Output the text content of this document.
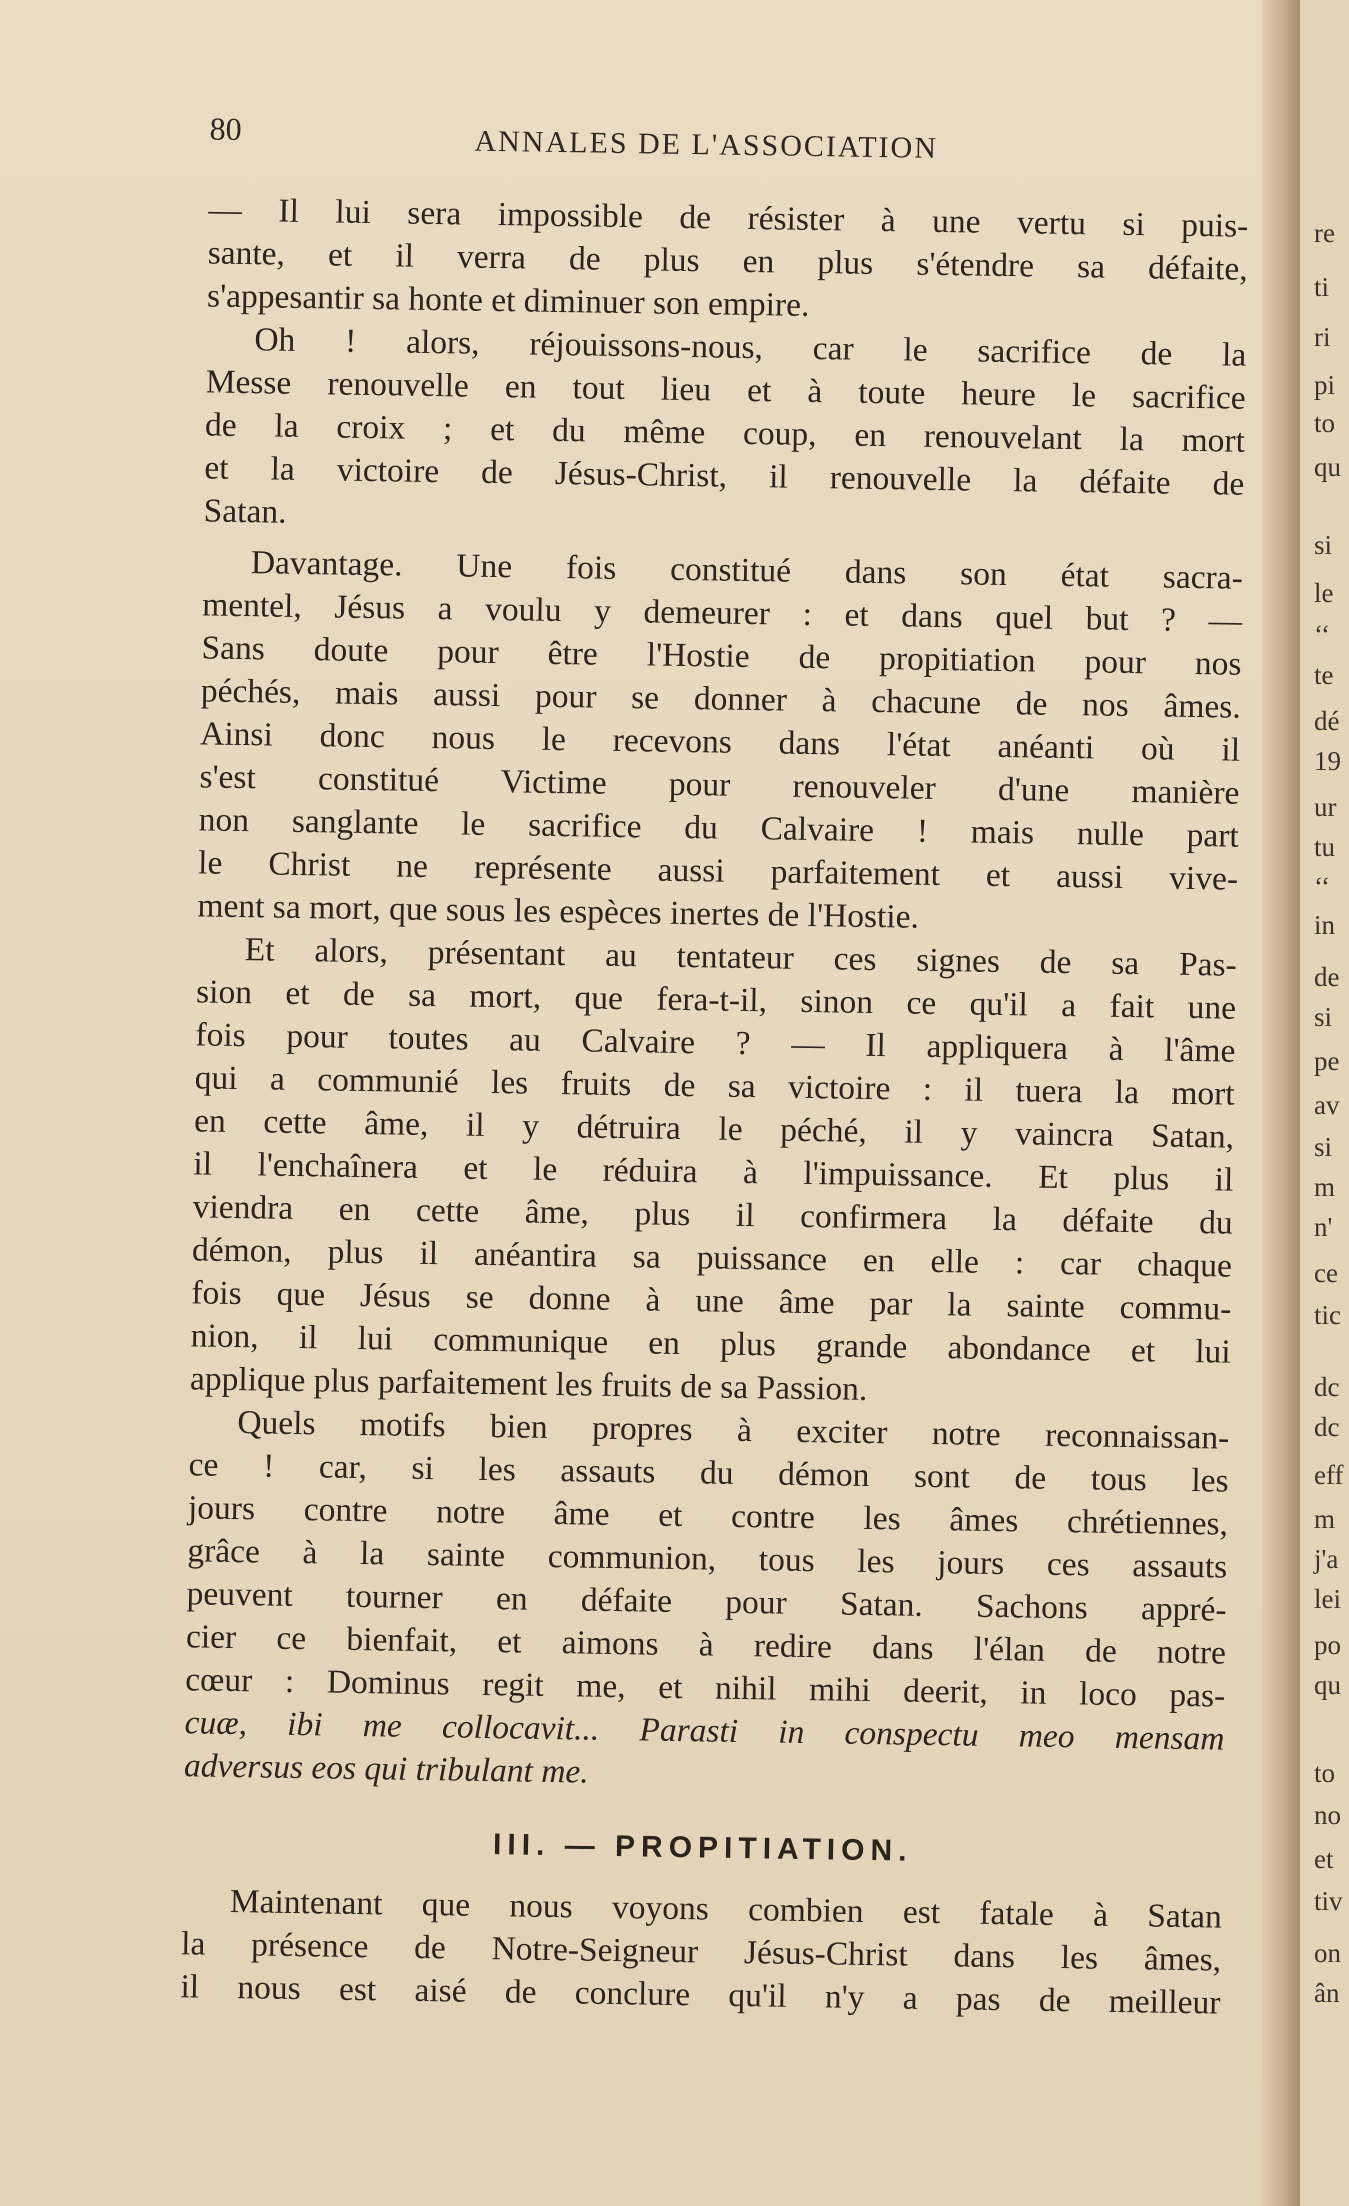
re
ti
ri
pi
to
qu
si
le
‘‘
te
dé
19
ur
tu
‘‘
in
de
si
pe
av
si
m
n'
ce
tic
dc
dc
eff
m
j'a
lei
po
qu
to
no
et
tiv
on
ân
80	ANNALES DE L'ASSOCIATION
— Il lui sera impossible de résister à une vertu si puis-
sante, et il verra de plus en plus s'étendre sa défaite,
s'appesantir sa honte et diminuer son empire.
Oh ! alors, réjouissons-nous, car le sacrifice de la
Messe renouvelle en tout lieu et à toute heure le sacrifice
de la croix ; et du même coup, en renouvelant la mort
et la victoire de Jésus-Christ, il renouvelle la défaite de
Satan.
Davantage. Une fois constitué dans son état sacra-
mentel, Jésus a voulu y demeurer : et dans quel but ? —
Sans doute pour être l'Hostie de propitiation pour nos
péchés, mais aussi pour se donner à chacune de nos âmes.
Ainsi donc nous le recevons dans l'état anéanti où il
s'est constitué Victime pour renouveler d'une manière
non sanglante le sacrifice du Calvaire ! mais nulle part
le Christ ne représente aussi parfaitement et aussi vive-
ment sa mort, que sous les espèces inertes de l'Hostie.
Et alors, présentant au tentateur ces signes de sa Pas-
sion et de sa mort, que fera-t-il, sinon ce qu'il a fait une
fois pour toutes au Calvaire ? — Il appliquera à l'âme
qui a communié les fruits de sa victoire : il tuera la mort
en cette âme, il y détruira le péché, il y vaincra Satan,
il l'enchaînera et le réduira à l'impuissance. Et plus il
viendra en cette âme, plus il confirmera la défaite du
démon, plus il anéantira sa puissance en elle : car chaque
fois que Jésus se donne à une âme par la sainte commu-
nion, il lui communique en plus grande abondance et lui
applique plus parfaitement les fruits de sa Passion.
Quels motifs bien propres à exciter notre reconnaissan-
ce ! car, si les assauts du démon sont de tous les
jours contre notre âme et contre les âmes chrétiennes,
grâce à la sainte communion, tous les jours ces assauts
peuvent tourner en défaite pour Satan. Sachons appré-
cier ce bienfait, et aimons à redire dans l'élan de notre
cœur : Dominus regit me, et nihil mihi deerit, in loco pas-
cuæ, ibi me collocavit... Parasti in conspectu meo mensam
adversus eos qui tribulant me.
III. — PROPITIATION.
Maintenant que nous voyons combien est fatale à Satan
la présence de Notre-Seigneur Jésus-Christ dans les âmes,
il nous est aisé de conclure qu'il n'y a pas de meilleur
